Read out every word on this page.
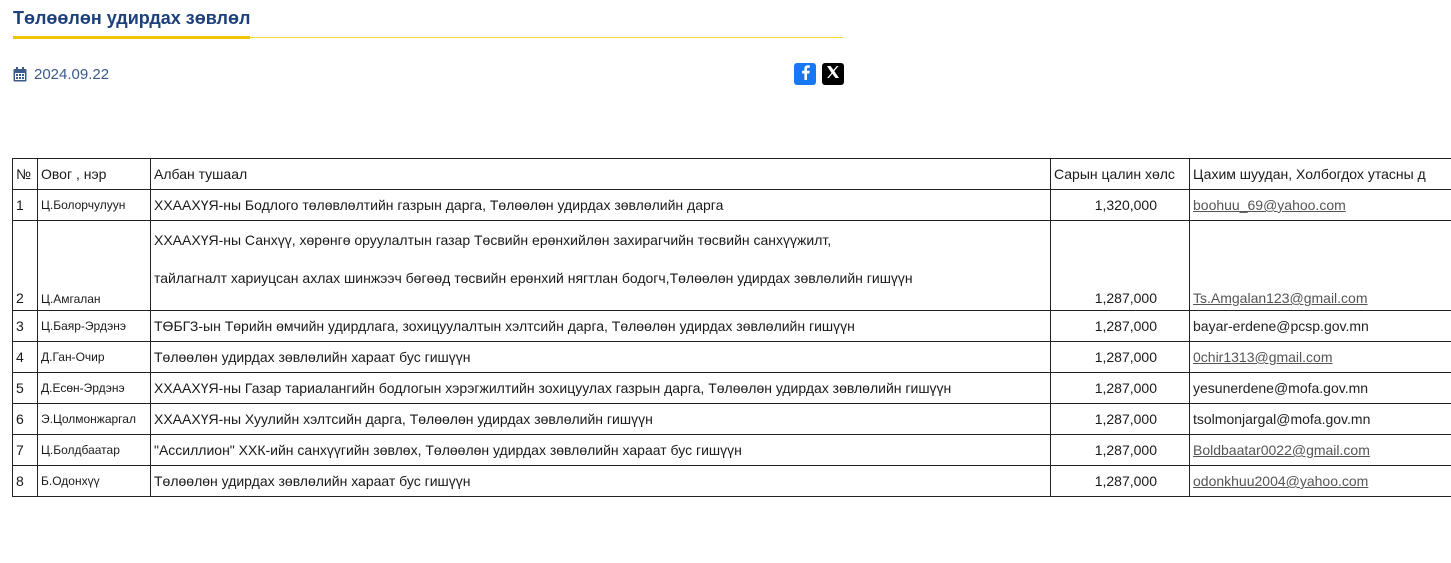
Төлөөлөн удирдах зөвлөл
2024.09.22
№	Овог , нэр	Албан тушаал	Сарын цалин хөлс	Цахим шуудан, Холбогдох утасны д
1	Ц.Болорчулуун	ХХААХҮЯ-ны Бодлого төлөвлөлтийн газрын дарга, Төлөөлөн удирдах зөвлөлийн дарга	1,320,000	boohuu_69@yahoo.com
2	Ц.Амгалан	ХХААХҮЯ-ны Санхүү, хөрөнгө оруулалтын газар Төсвийн ерөнхийлөн захирагчийн төсвийн санхүүжилт,
тайлагналт хариуцсан ахлах шинжээч бөгөөд төсвийн ерөнхий нягтлан бодогч,Төлөөлөн удирдах зөвлөлийн гишүүн	1,287,000	Ts.Amgalan123@gmail.com
3	Ц.Баяр-Эрдэнэ	ТӨБГЗ-ын Төрийн өмчийн удирдлага, зохицуулалтын хэлтсийн дарга, Төлөөлөн удирдах зөвлөлийн гишүүн	1,287,000	bayar-erdene@pcsp.gov.mn
4	Д.Ган-Очир	Төлөөлөн удирдах зөвлөлийн хараат бус гишүүн	1,287,000	0chir1313@gmail.com
5	Д.Есөн-Эрдэнэ	ХХААХҮЯ-ны Газар тариалангийн бодлогын хэрэгжилтийн зохицуулах газрын дарга, Төлөөлөн удирдах зөвлөлийн гишүүн	1,287,000	yesunerdene@mofa.gov.mn
6	Э.Цолмонжаргал	ХХААХҮЯ-ны Хуулийн хэлтсийн дарга, Төлөөлөн удирдах зөвлөлийн гишүүн	1,287,000	tsolmonjargal@mofa.gov.mn
7	Ц.Болдбаатар	"Ассиллион" ХХК-ийн санхүүгийн зөвлөх, Төлөөлөн удирдах зөвлөлийн хараат бус гишүүн	1,287,000	Boldbaatar0022@gmail.com
8	Б.Одонхүү	Төлөөлөн удирдах зөвлөлийн хараат бус гишүүн	1,287,000	odonkhuu2004@yahoo.com
